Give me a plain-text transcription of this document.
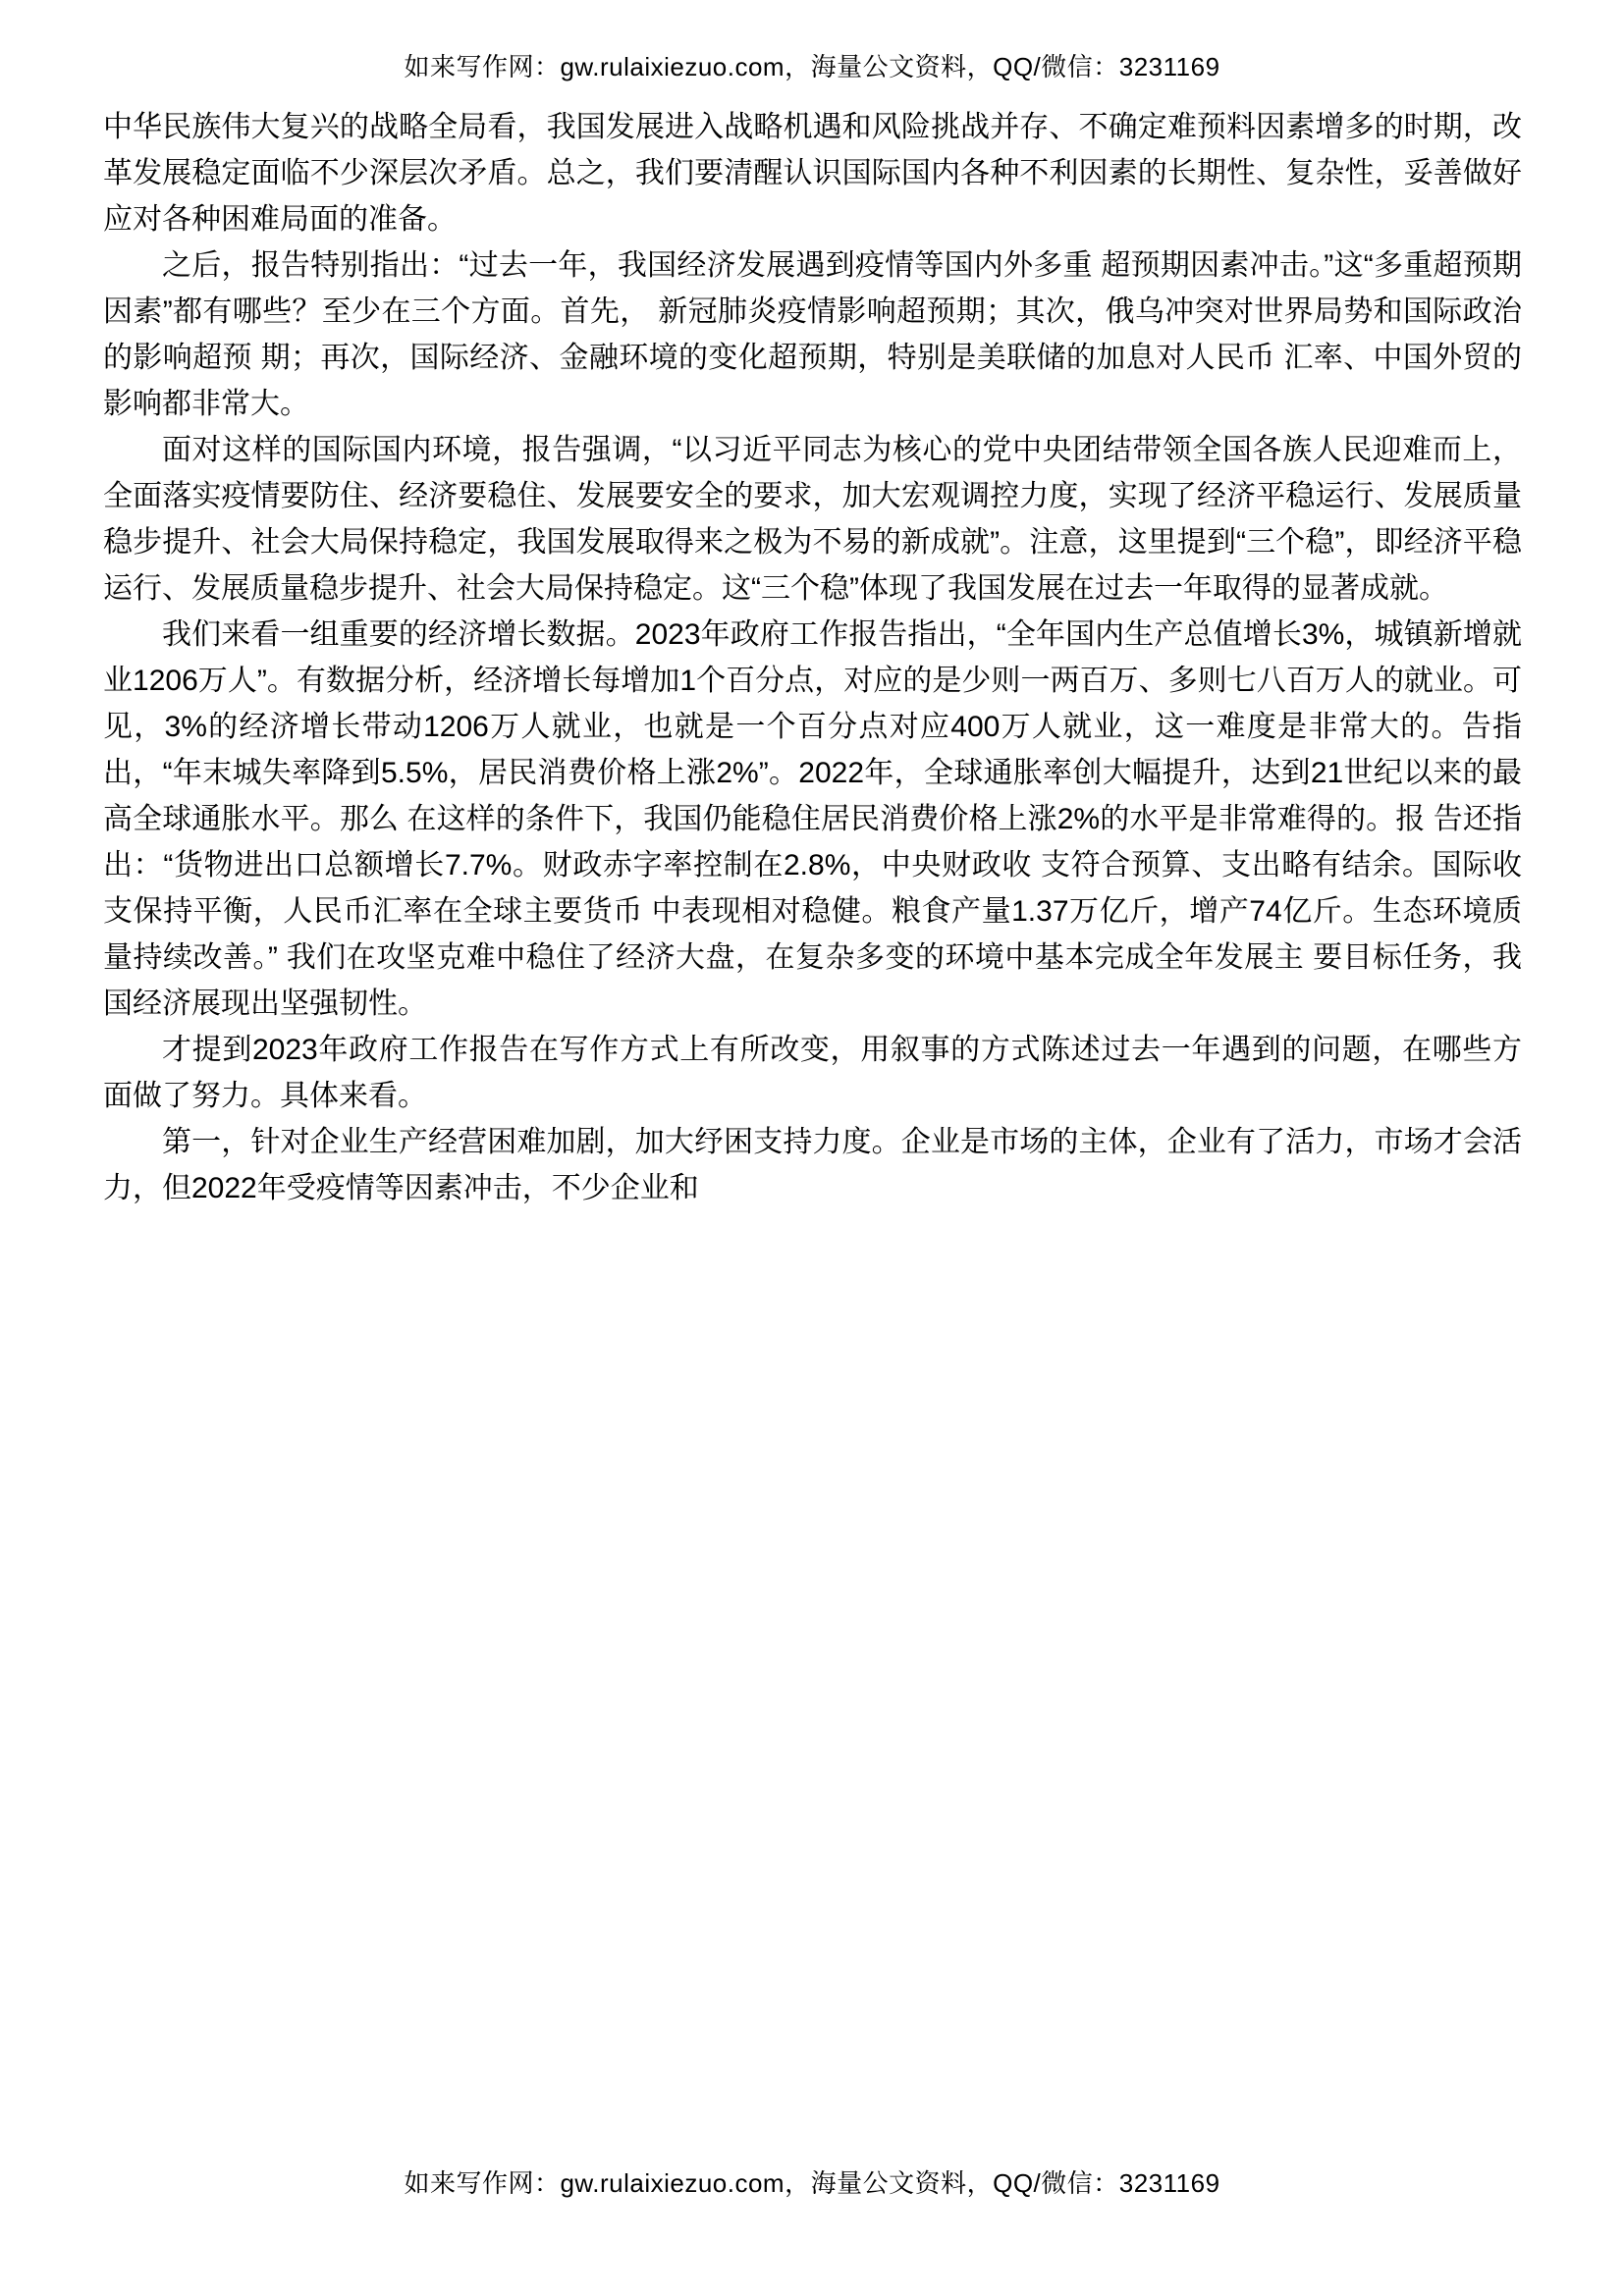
如来写作网：gw.rulaixiezuo.com，海量公文资料，QQ/微信：3231169

中华民族伟大复兴的战略全局看，我国发展进入战略机遇和风险挑战并存、不确定难预料因素增多的时期，改革发展稳定面临不少深层次矛盾。总之，我们要清醒认识国际国内各种不利因素的长期性、复杂性，妥善做好应对各种困难局面的准备。

之后，报告特别指出：“过去一年，我国经济发展遇到疫情等国内外多重 超预期因素冲击。”这“多重超预期因素”都有哪些？至少在三个方面。首先， 新冠肺炎疫情影响超预期；其次，俄乌冲突对世界局势和国际政治的影响超预 期；再次，国际经济、金融环境的变化超预期，特别是美联储的加息对人民币 汇率、中国外贸的影响都非常大。

面对这样的国际国内环境，报告强调，“以习近平同志为核心的党中央团结带领全国各族人民迎难而上，全面落实疫情要防住、经济要稳住、发展要安全的要求，加大宏观调控力度，实现了经济平稳运行、发展质量稳步提升、社会大局保持稳定，我国发展取得来之极为不易的新成就”。注意，这里提到“三个稳”，即经济平稳运行、发展质量稳步提升、社会大局保持稳定。这“三个稳”体现了我国发展在过去一年取得的显著成就。

我们来看一组重要的经济增长数据。2023年政府工作报告指出，“全年国内生产总值增长3%，城镇新增就业1206万人”。有数据分析，经济增长每增加1个百分点，对应的是少则一两百万、多则七八百万人的就业。可见，3%的经济增长带动1206万人就业，也就是一个百分点对应400万人就业，这一难度是非常大的。告指出，“年末城失率降到5.5%，居民消费价格上涨2%”。2022年，全球通胀率创大幅提升，达到21世纪以来的最高全球通胀水平。那么 在这样的条件下，我国仍能稳住居民消费价格上涨2%的水平是非常难得的。报 告还指出：“货物进出口总额增长7.7%。财政赤字率控制在2.8%，中央财政收 支符合预算、支出略有结余。国际收支保持平衡，人民币汇率在全球主要货币 中表现相对稳健。粮食产量1.37万亿斤，增产74亿斤。生态环境质量持续改善。” 我们在攻坚克难中稳住了经济大盘，在复杂多变的环境中基本完成全年发展主 要目标任务，我国经济展现出坚强韧性。

才提到2023年政府工作报告在写作方式上有所改变，用叙事的方式陈述过去一年遇到的问题，在哪些方面做了努力。具体来看。

第一，针对企业生产经营困难加剧，加大纾困支持力度。企业是市场的主体，企业有了活力，市场才会活力，但2022年受疫情等因素冲击，不少企业和

如来写作网：gw.rulaixiezuo.com，海量公文资料，QQ/微信：3231169
